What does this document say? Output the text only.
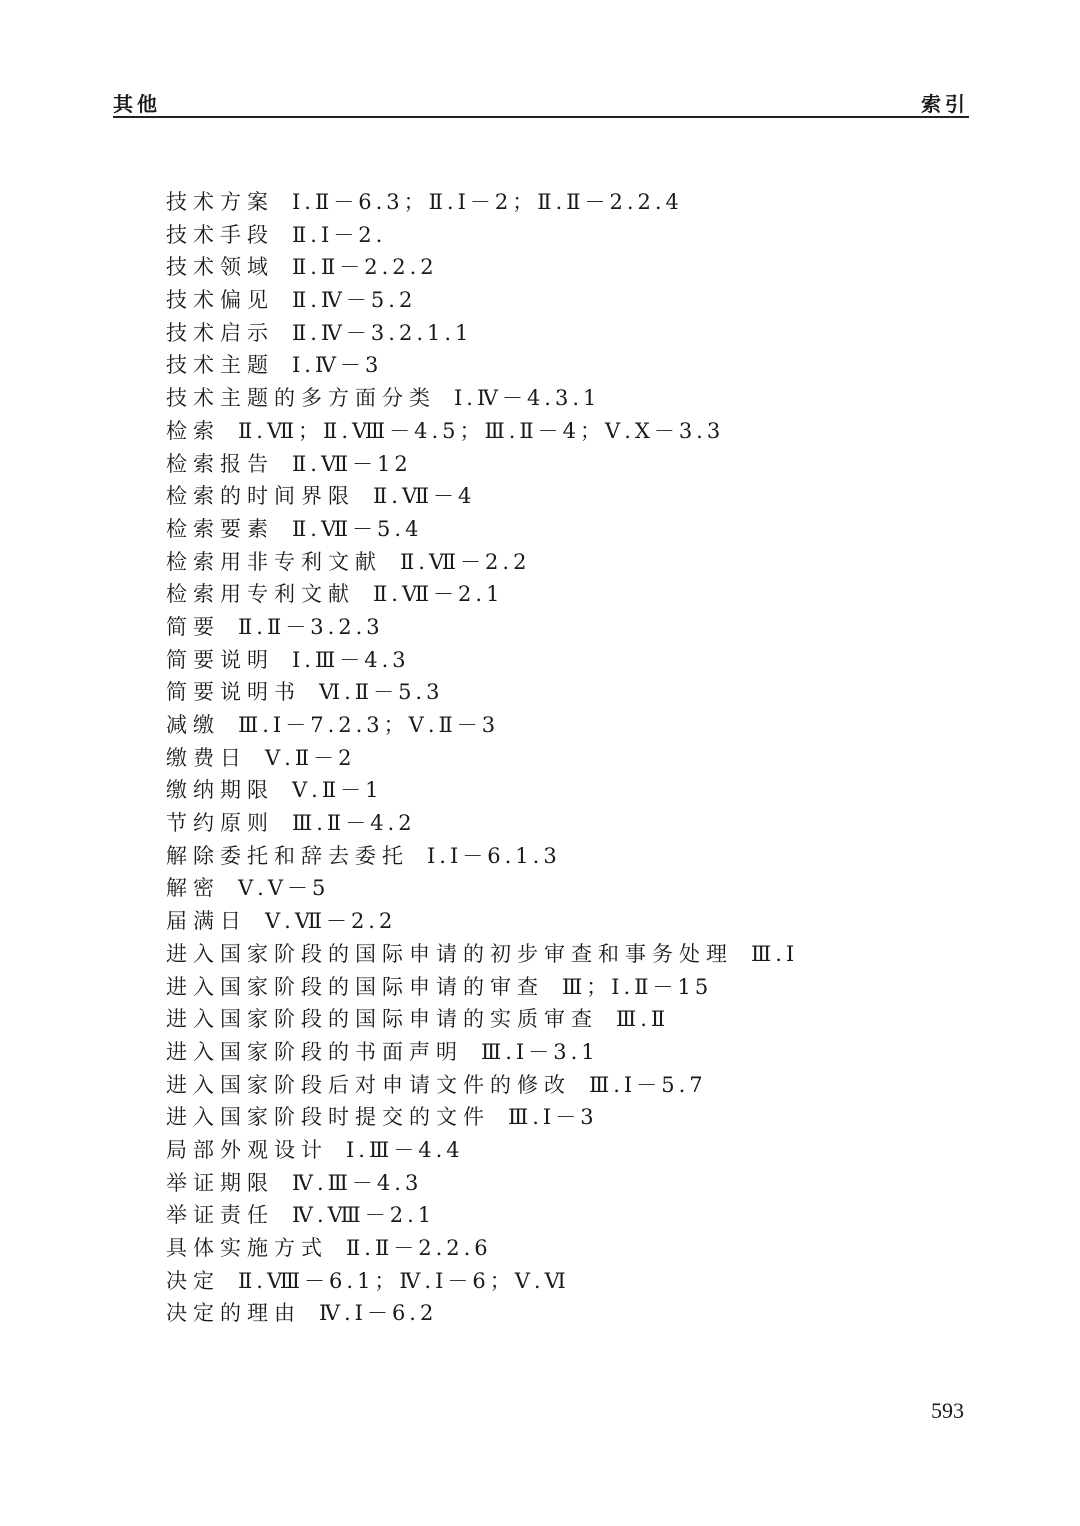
其他	索引
技术方案 Ⅰ.Ⅱ－6.3；Ⅱ.Ⅰ－2；Ⅱ.Ⅱ－2.2.4
技术手段 Ⅱ.Ⅰ－2.
技术领域 Ⅱ.Ⅱ－2.2.2
技术偏见 Ⅱ.Ⅳ－5.2
技术启示 Ⅱ.Ⅳ－3.2.1.1
技术主题 Ⅰ.Ⅳ－3
技术主题的多方面分类 Ⅰ.Ⅳ－4.3.1
检索 Ⅱ.Ⅶ；Ⅱ.Ⅷ－4.5；Ⅲ.Ⅱ－4；Ⅴ.Ⅹ－3.3
检索报告 Ⅱ.Ⅶ－12
检索的时间界限 Ⅱ.Ⅶ－4
检索要素 Ⅱ.Ⅶ－5.4
检索用非专利文献 Ⅱ.Ⅶ－2.2
检索用专利文献 Ⅱ.Ⅶ－2.1
简要 Ⅱ.Ⅱ－3.2.3
简要说明 Ⅰ.Ⅲ－4.3
简要说明书 Ⅵ.Ⅱ－5.3
减缴 Ⅲ.Ⅰ－7.2.3；Ⅴ.Ⅱ－3
缴费日 Ⅴ.Ⅱ－2
缴纳期限 Ⅴ.Ⅱ－1
节约原则 Ⅲ.Ⅱ－4.2
解除委托和辞去委托 Ⅰ.Ⅰ－6.1.3
解密 Ⅴ.Ⅴ－5
届满日 Ⅴ.Ⅶ－2.2
进入国家阶段的国际申请的初步审查和事务处理 Ⅲ.Ⅰ
进入国家阶段的国际申请的审查 Ⅲ；Ⅰ.Ⅱ－15
进入国家阶段的国际申请的实质审查 Ⅲ.Ⅱ
进入国家阶段的书面声明 Ⅲ.Ⅰ－3.1
进入国家阶段后对申请文件的修改 Ⅲ.Ⅰ－5.7
进入国家阶段时提交的文件 Ⅲ.Ⅰ－3
局部外观设计 Ⅰ.Ⅲ－4.4
举证期限 Ⅳ.Ⅲ－4.3
举证责任 Ⅳ.Ⅷ－2.1
具体实施方式 Ⅱ.Ⅱ－2.2.6
决定 Ⅱ.Ⅷ－6.1；Ⅳ.Ⅰ－6；Ⅴ.Ⅵ
决定的理由 Ⅳ.Ⅰ－6.2
593
